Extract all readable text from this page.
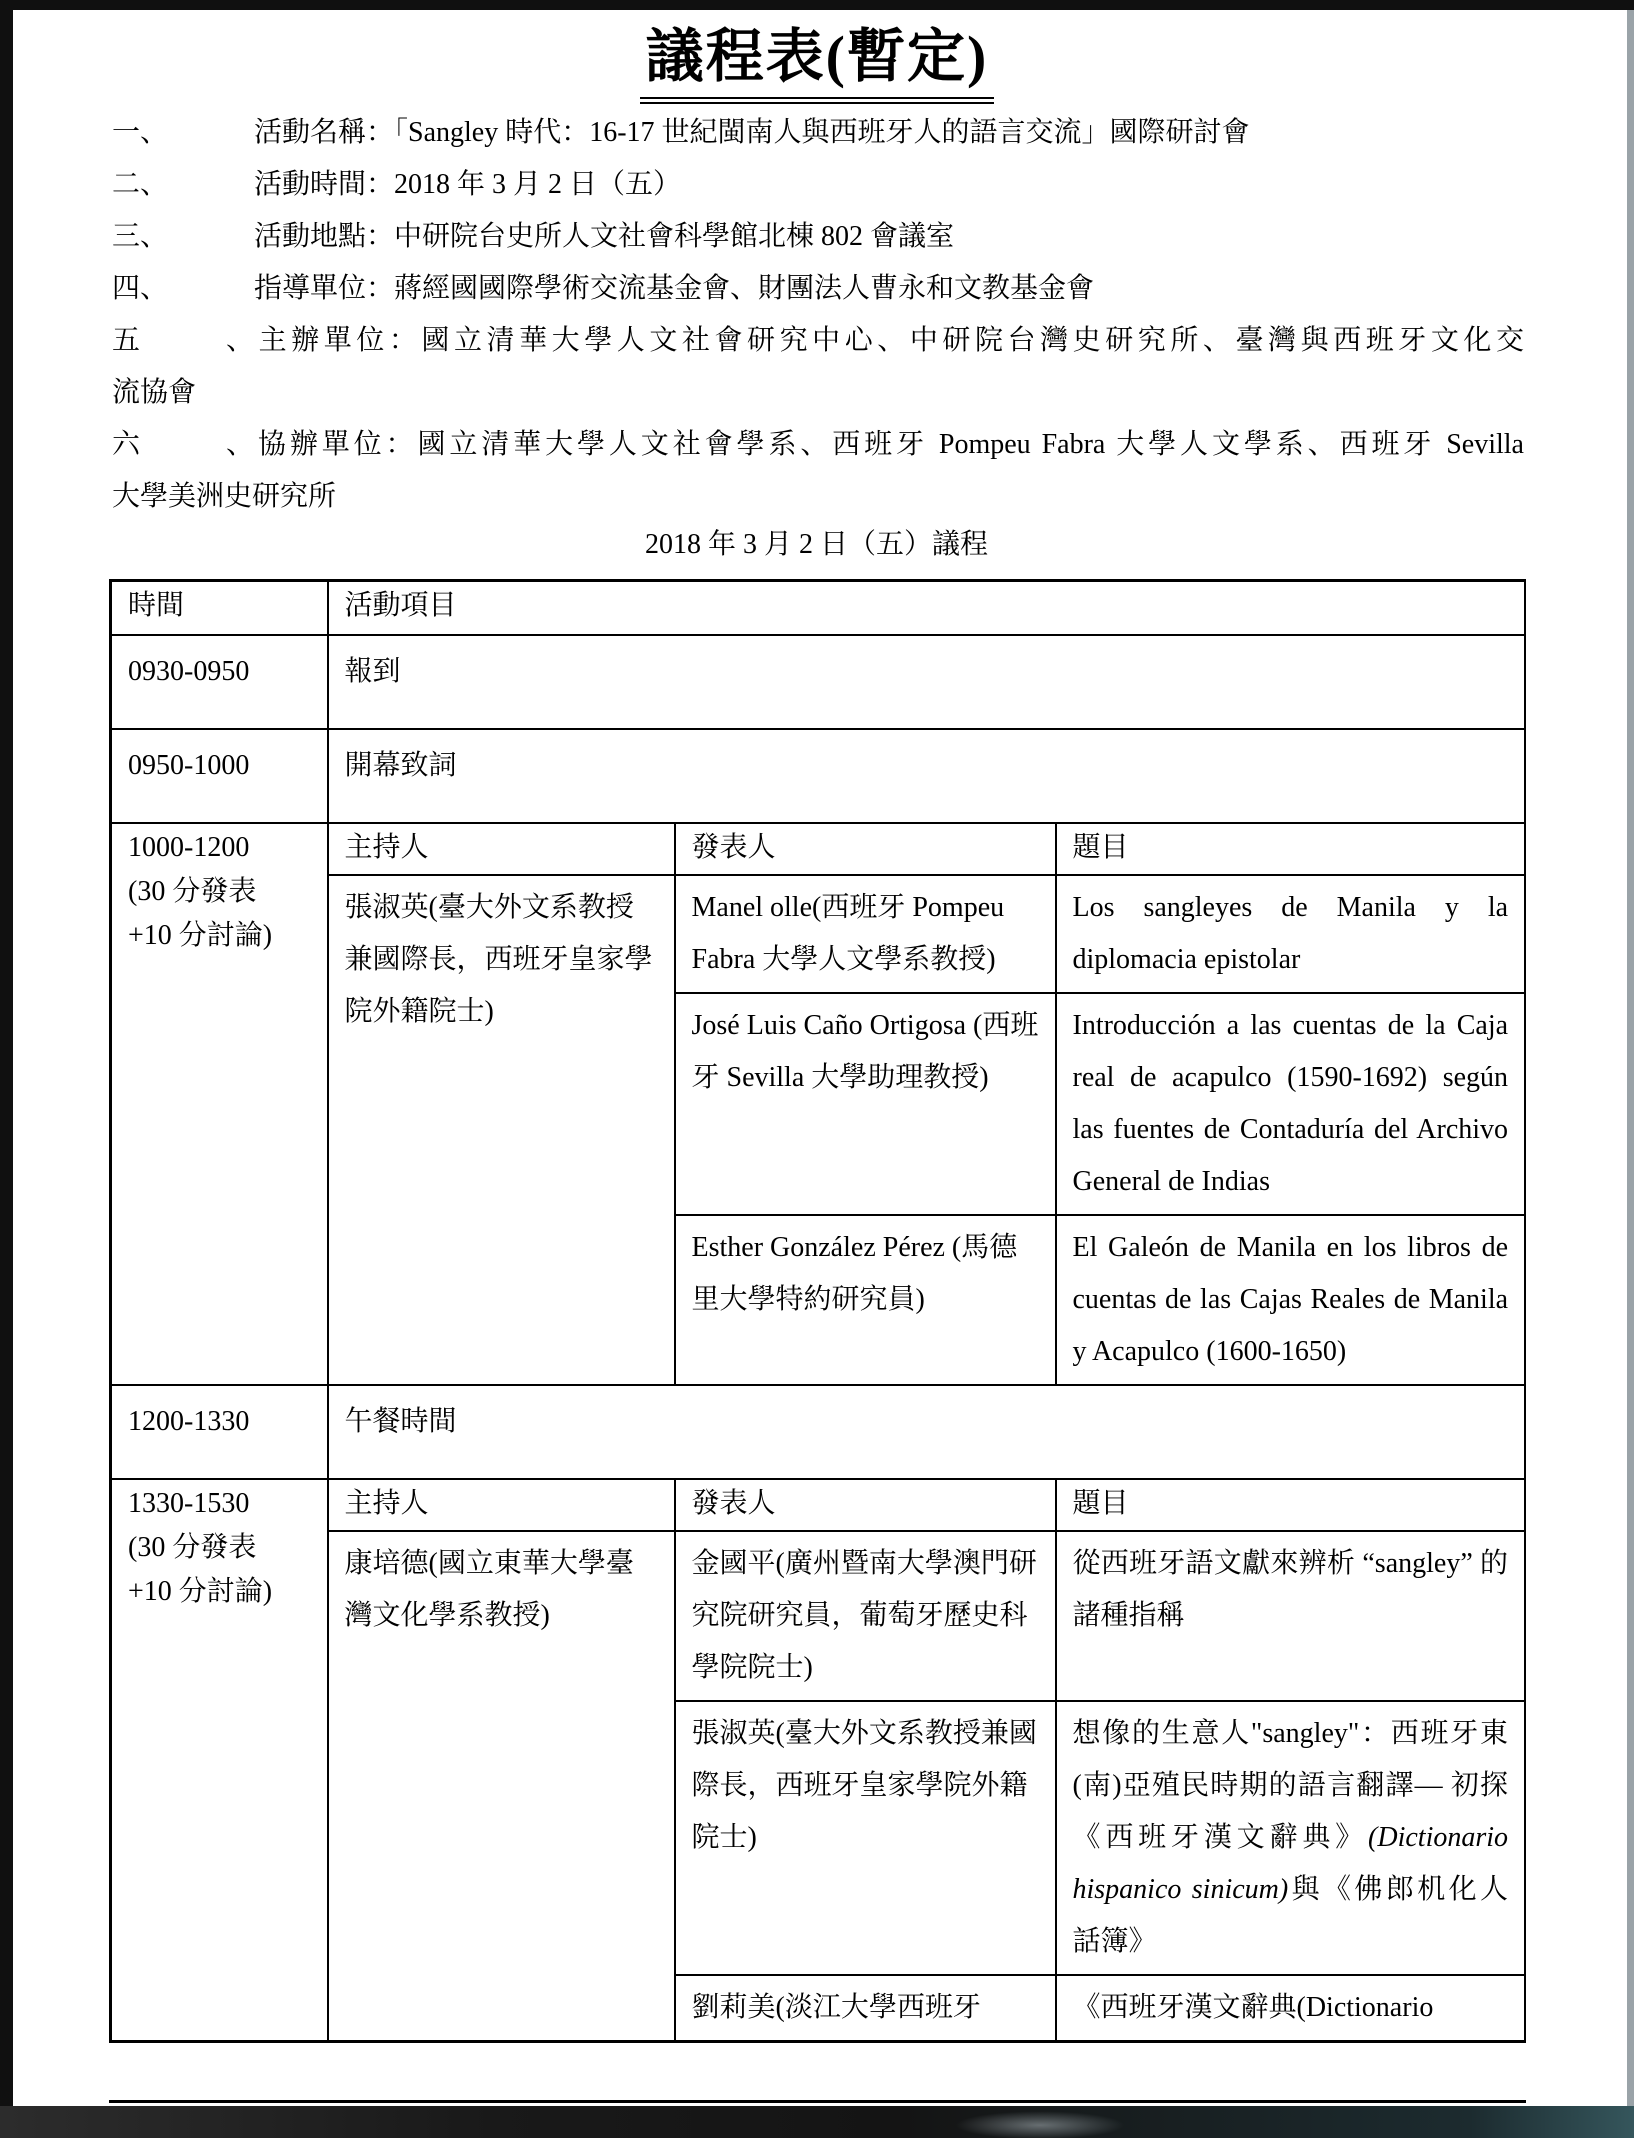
議程表(暫定)
一、	活動名稱：「Sangley 時代：16-17 世紀閩南人與西班牙人的語言交流」國際研討會
二、	活動時間：2018 年 3 月 2 日（五）
三、	活動地點：中研院台史所人文社會科學館北棟 802 會議室
四、	指導單位：蔣經國國際學術交流基金會、財團法人曹永和文教基金會
五、主辦單位：國立清華大學人文社會研究中心、中研院台灣史研究所、臺灣與西班牙文化交
流協會
六、協辦單位：國立清華大學人文社會學系、西班牙 Pompeu Fabra 大學人文學系、西班牙 Sevilla
大學美洲史研究所
2018 年 3 月 2 日（五）議程
時間	活動項目		
0930-0950	報到		
0950-1000	開幕致詞		

1000-1200
(30 分發表
+10 分討論)	主持人	發表人	題目
	張淑英(臺大外文系教授兼國際長，西班牙皇家學院外籍院士)	Manel olle(西班牙 Pompeu Fabra 大學人文學系教授)	Los sangleyes de Manila y la diplomacia epistolar
		José Luis Caño Ortigosa (西班牙 Sevilla 大學助理教授)	Introducción a las cuentas de la Caja real de acapulco (1590-1692) según las fuentes de Contaduría del Archivo General de Indias
		Esther González Pérez (馬德里大學特約研究員)	El Galeón de Manila en los libros de cuentas de las Cajas Reales de Manila y Acapulco (1600-1650)
1200-1330	午餐時間		

1330-1530
(30 分發表
+10 分討論)	主持人	發表人	題目
	康培德(國立東華大學臺灣文化學系教授)	金國平(廣州暨南大學澳門研究院研究員，葡萄牙歷史科學院院士)	從西班牙語文獻來辨析 “sangley” 的諸種指稱
		張淑英(臺大外文系教授兼國際長，西班牙皇家學院外籍院士)	想像的生意人"sangley"：西班牙東(南)亞殖民時期的語言翻譯— 初探《西班牙漢文辭典》(Dictionario hispanico sinicum)與《佛郎机化人話簿》
		劉莉美(淡江大學西班牙	《西班牙漢文辭典(Dictionario
